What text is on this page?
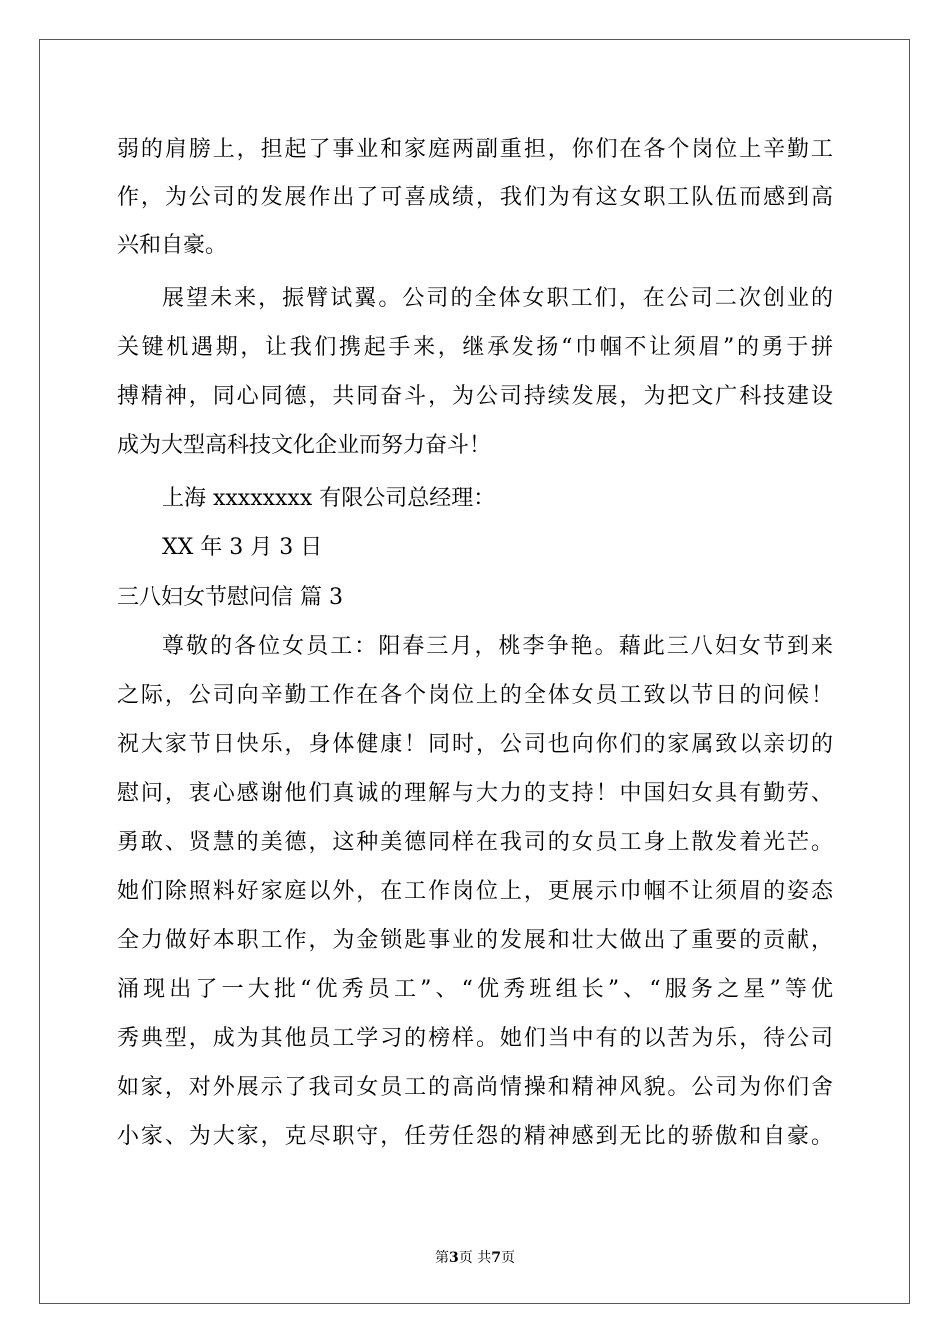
弱的肩膀上，担起了事业和家庭两副重担，你们在各个岗位上辛勤工
作，为公司的发展作出了可喜成绩，我们为有这女职工队伍而感到高
兴和自豪。
展望未来，振臂试翼。公司的全体女职工们，在公司二次创业的
关键机遇期，让我们携起手来，继承发扬“巾帼不让须眉”的勇于拼
搏精神，同心同德，共同奋斗，为公司持续发展，为把文广科技建设
成为大型高科技文化企业而努力奋斗！
上海 xxxxxxxx 有限公司总经理：
XX 年 3 月 3 日
三八妇女节慰问信 篇 3
尊敬的各位女员工：阳春三月，桃李争艳。藉此三八妇女节到来
之际，公司向辛勤工作在各个岗位上的全体女员工致以节日的问候！
祝大家节日快乐，身体健康！同时，公司也向你们的家属致以亲切的
慰问，衷心感谢他们真诚的理解与大力的支持！中国妇女具有勤劳、
勇敢、贤慧的美德，这种美德同样在我司的女员工身上散发着光芒。
她们除照料好家庭以外，在工作岗位上，更展示巾帼不让须眉的姿态
全力做好本职工作，为金锁匙事业的发展和壮大做出了重要的贡献，
涌现出了一大批“优秀员工”、“优秀班组长”、“服务之星”等优
秀典型，成为其他员工学习的榜样。她们当中有的以苦为乐，待公司
如家，对外展示了我司女员工的高尚情操和精神风貌。公司为你们舍
小家、为大家，克尽职守，任劳任怨的精神感到无比的骄傲和自豪。
第3页 共7页
